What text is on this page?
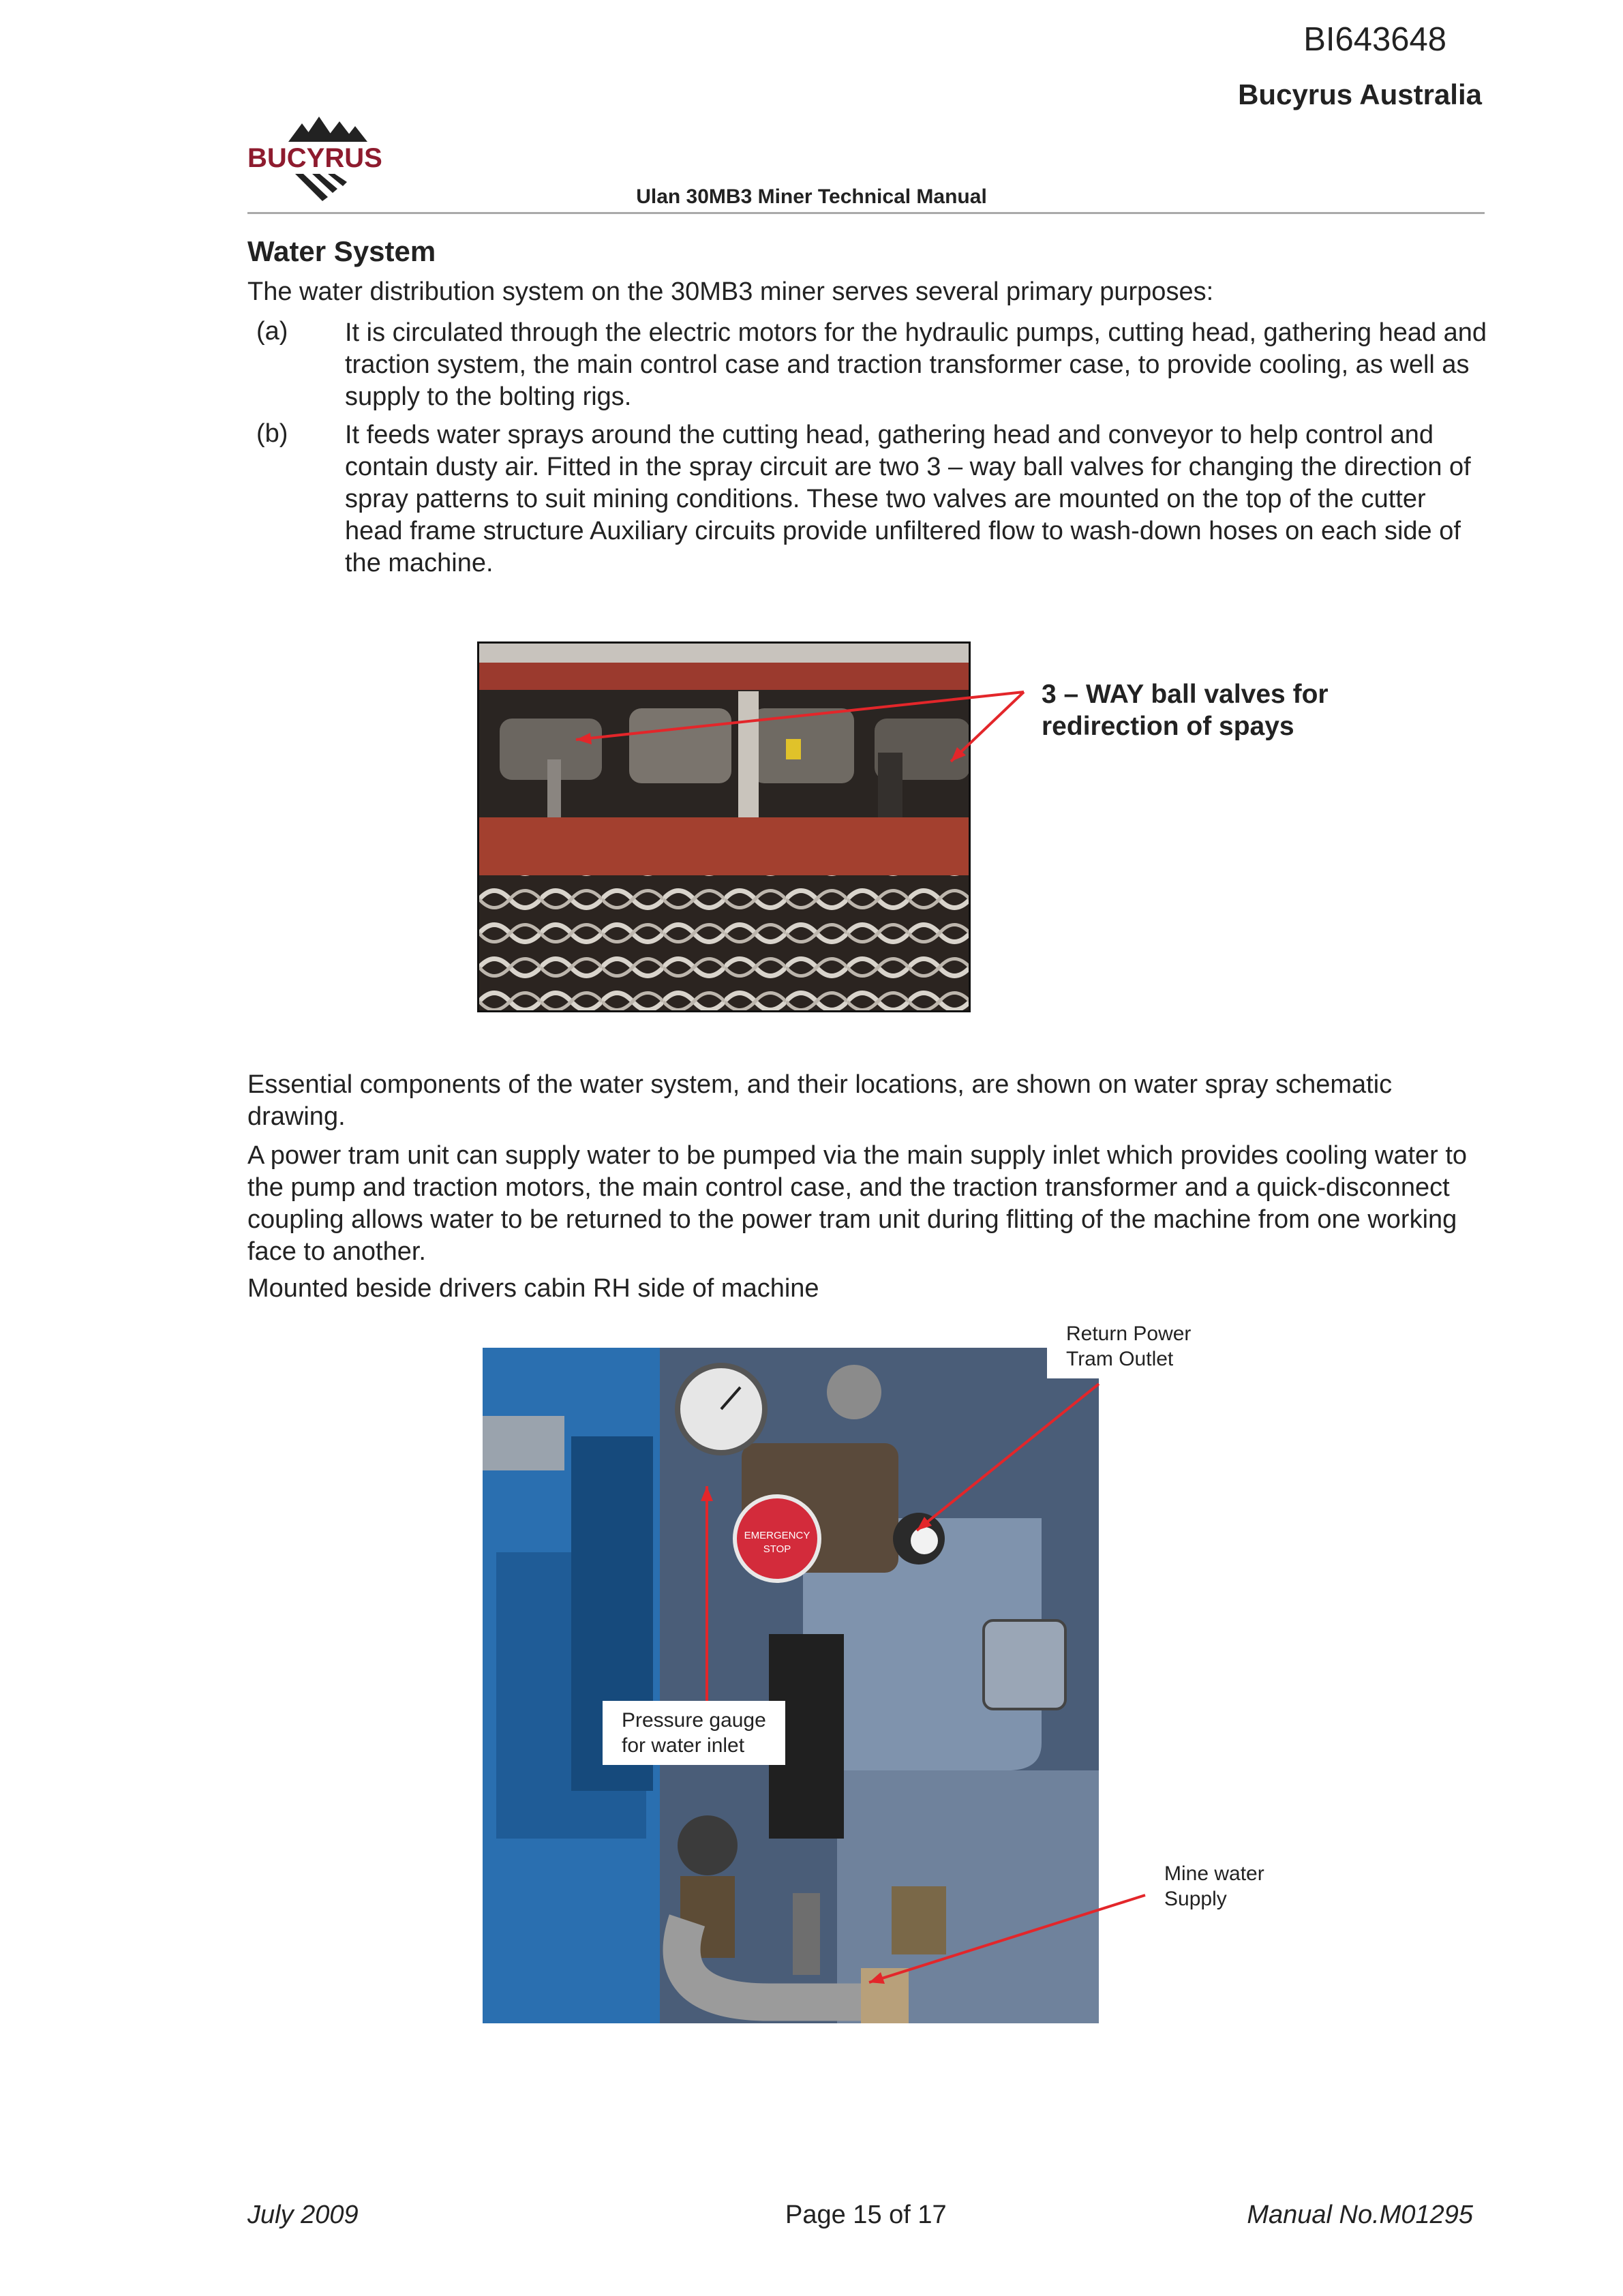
BI643648
Bucyrus Australia
BUCYRUS
Ulan 30MB3 Miner Technical Manual
Water System
The water distribution system on the 30MB3 miner serves several primary purposes:
(a) It is circulated through the electric motors for the hydraulic pumps, cutting head, gathering head and traction system, the main control case and traction transformer case, to provide cooling, as well as supply to the bolting rigs.
(b) It feeds water sprays around the cutting head, gathering head and conveyor to help control and contain dusty air. Fitted in the spray circuit are two 3 – way ball valves for changing the direction of spray patterns to suit mining conditions. These two valves are mounted on the top of the cutter head frame structure Auxiliary circuits provide unfiltered flow to wash-down hoses on each side of the machine.
3 – WAY ball valves for
redirection of spays
Essential components of the water system, and their locations, are shown on water spray schematic drawing.
A power tram unit can supply water to be pumped via the main supply inlet which provides cooling water to the pump and traction motors, the main control case, and the traction transformer and a quick-disconnect coupling allows water to be returned to the power tram unit during flitting of the machine from one working face to another.
Mounted beside drivers cabin RH side of machine
EMERGENCY
STOP
Return Power
Tram Outlet
Pressure gauge
for water inlet
Mine water
Supply
July 2009	Page 15 of 17	Manual No.M01295
